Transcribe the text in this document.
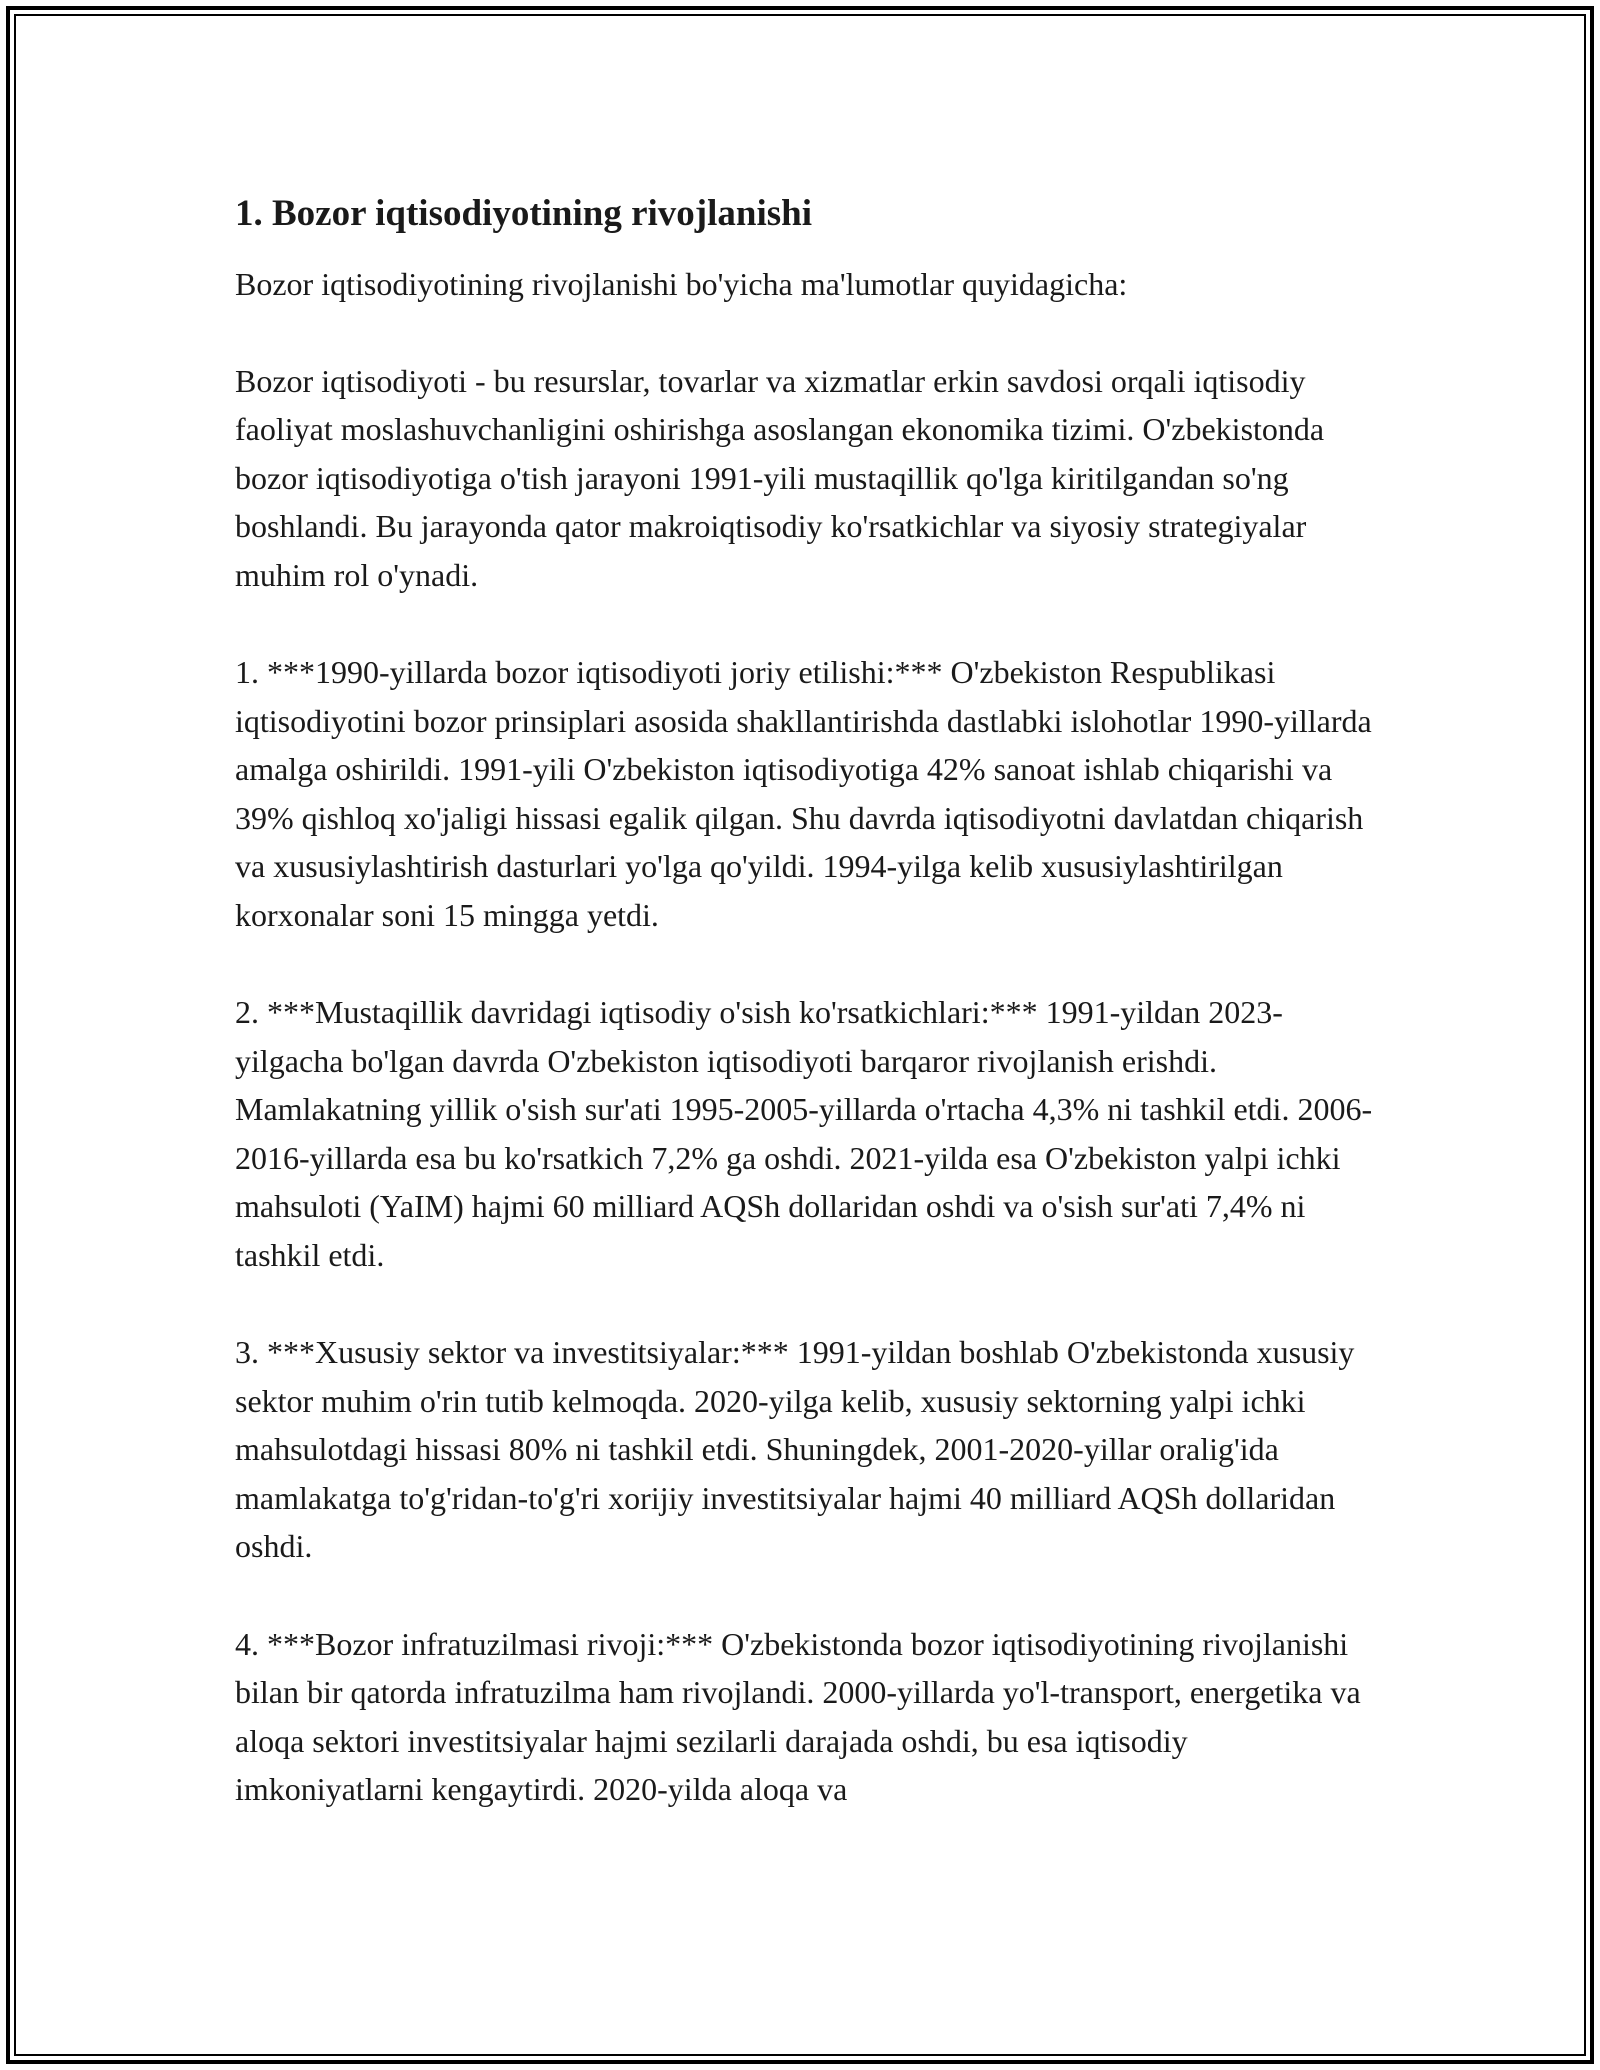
1. Bozor iqtisodiyotining rivojlanishi

Bozor iqtisodiyotining rivojlanishi bo'yicha ma'lumotlar quyidagicha:

Bozor iqtisodiyoti - bu resurslar, tovarlar va xizmatlar erkin savdosi orqali iqtisodiy faoliyat moslashuvchanligini oshirishga asoslangan ekonomika tizimi. O'zbekistonda bozor iqtisodiyotiga o'tish jarayoni 1991-yili mustaqillik qo'lga kiritilgandan so'ng boshlandi. Bu jarayonda qator makroiqtisodiy ko'rsatkichlar va siyosiy strategiyalar muhim rol o'ynadi.

1. ***1990-yillarda bozor iqtisodiyoti joriy etilishi:*** O'zbekiston Respublikasi iqtisodiyotini bozor prinsiplari asosida shakllantirishda dastlabki islohotlar 1990-yillarda amalga oshirildi. 1991-yili O'zbekiston iqtisodiyotiga 42% sanoat ishlab chiqarishi va 39% qishloq xo'jaligi hissasi egalik qilgan. Shu davrda iqtisodiyotni davlatdan chiqarish va xususiylashtirish dasturlari yo'lga qo'yildi. 1994-yilga kelib xususiylashtirilgan korxonalar soni 15 mingga yetdi.

2. ***Mustaqillik davridagi iqtisodiy o'sish ko'rsatkichlari:*** 1991-yildan 2023-yilgacha bo'lgan davrda O'zbekiston iqtisodiyoti barqaror rivojlanish erishdi. Mamlakatning yillik o'sish sur'ati 1995-2005-yillarda o'rtacha 4,3% ni tashkil etdi. 2006-2016-yillarda esa bu ko'rsatkich 7,2% ga oshdi. 2021-yilda esa O'zbekiston yalpi ichki mahsuloti (YaIM) hajmi 60 milliard AQSh dollaridan oshdi va o'sish sur'ati 7,4% ni tashkil etdi.

3. ***Xususiy sektor va investitsiyalar:*** 1991-yildan boshlab O'zbekistonda xususiy sektor muhim o'rin tutib kelmoqda. 2020-yilga kelib, xususiy sektorning yalpi ichki mahsulotdagi hissasi 80% ni tashkil etdi. Shuningdek, 2001-2020-yillar oralig'ida mamlakatga to'g'ridan-to'g'ri xorijiy investitsiyalar hajmi 40 milliard AQSh dollaridan oshdi.

4. ***Bozor infratuzilmasi rivoji:*** O'zbekistonda bozor iqtisodiyotining rivojlanishi bilan bir qatorda infratuzilma ham rivojlandi. 2000-yillarda yo'l-transport, energetika va aloqa sektori investitsiyalar hajmi sezilarli darajada oshdi, bu esa iqtisodiy imkoniyatlarni kengaytirdi. 2020-yilda aloqa va
